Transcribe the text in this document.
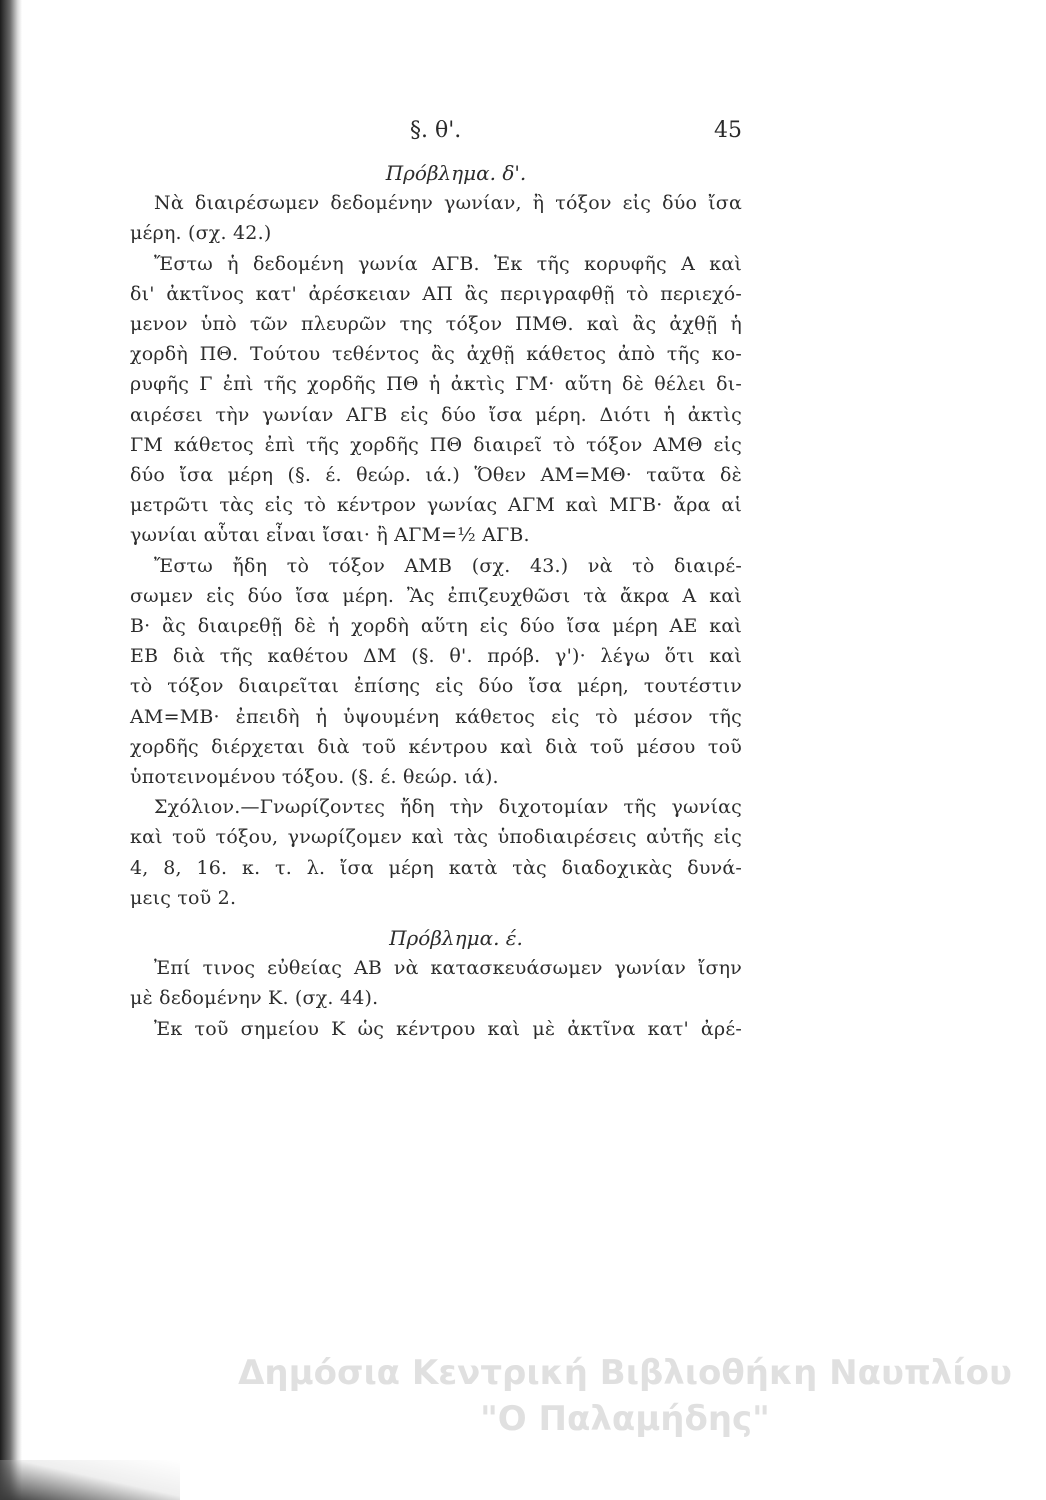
§. θ'.	45

Πρόβλημα. δ'.

Νὰ διαιρέσωμεν δεδομένην γωνίαν, ἢ τόξον εἰς δύο ἴσα
μέρη. (σχ. 42.)
Ἔστω ἡ δεδομένη γωνία ΑΓΒ. Ἐκ τῆς κορυφῆς Α καὶ
δι' ἀκτῖνος κατ' ἀρέσκειαν ΑΠ ἂς περιγραφθῇ τὸ περιεχό-
μενον ὑπὸ τῶν πλευρῶν της τόξον ΠΜΘ. καὶ ἂς ἀχθῇ ἡ
χορδὴ ΠΘ. Τούτου τεθέντος ἂς ἀχθῇ κάθετος ἀπὸ τῆς κο-
ρυφῆς Γ ἐπὶ τῆς χορδῆς ΠΘ ἡ ἀκτὶς ΓΜ· αὕτη δὲ θέλει δι-
αιρέσει τὴν γωνίαν ΑΓΒ εἰς δύο ἴσα μέρη. Διότι ἡ ἀκτὶς
ΓΜ κάθετος ἐπὶ τῆς χορδῆς ΠΘ διαιρεῖ τὸ τόξον ΑΜΘ εἰς
δύο ἴσα μέρη (§. έ. θεώρ. ιά.) Ὅθεν ΑΜ=ΜΘ· ταῦτα δὲ
μετρῶτι τὰς εἰς τὸ κέντρον γωνίας ΑΓΜ καὶ ΜΓΒ· ἄρα αἱ
γωνίαι αὗται εἶναι ἴσαι· ἢ ΑΓΜ=½ ΑΓΒ.
Ἔστω ἤδη τὸ τόξον ΑΜΒ (σχ. 43.) νὰ τὸ διαιρέ-
σωμεν εἰς δύο ἴσα μέρη. Ἂς ἐπιζευχθῶσι τὰ ἄκρα Α καὶ
Β· ἂς διαιρεθῇ δὲ ἡ χορδὴ αὕτη εἰς δύο ἴσα μέρη ΑΕ καὶ
ΕΒ διὰ τῆς καθέτου ΔΜ (§. θ'. πρόβ. γ')· λέγω ὅτι καὶ
τὸ τόξον διαιρεῖται ἐπίσης εἰς δύο ἴσα μέρη, τουτέστιν
ΑΜ=ΜΒ· ἐπειδὴ ἡ ὑψουμένη κάθετος εἰς τὸ μέσον τῆς
χορδῆς διέρχεται διὰ τοῦ κέντρου καὶ διὰ τοῦ μέσου τοῦ
ὑποτεινομένου τόξου. (§. έ. θεώρ. ιά).
Σχόλιον.—Γνωρίζοντες ἤδη τὴν διχοτομίαν τῆς γωνίας
καὶ τοῦ τόξου, γνωρίζομεν καὶ τὰς ὑποδιαιρέσεις αὐτῆς εἰς
4, 8, 16. κ. τ. λ. ἴσα μέρη κατὰ τὰς διαδοχικὰς δυνά-
μεις τοῦ 2.

Πρόβλημα. έ.

Ἐπί τινος εὐθείας ΑΒ νὰ κατασκευάσωμεν γωνίαν ἴσην
μὲ δεδομένην Κ. (σχ. 44).
Ἐκ τοῦ σημείου Κ ὡς κέντρου καὶ μὲ ἀκτῖνα κατ' ἀρέ-
Δημόσια Κεντρική Βιβλιοθήκη Ναυπλίου
"Ο Παλαμήδης"
